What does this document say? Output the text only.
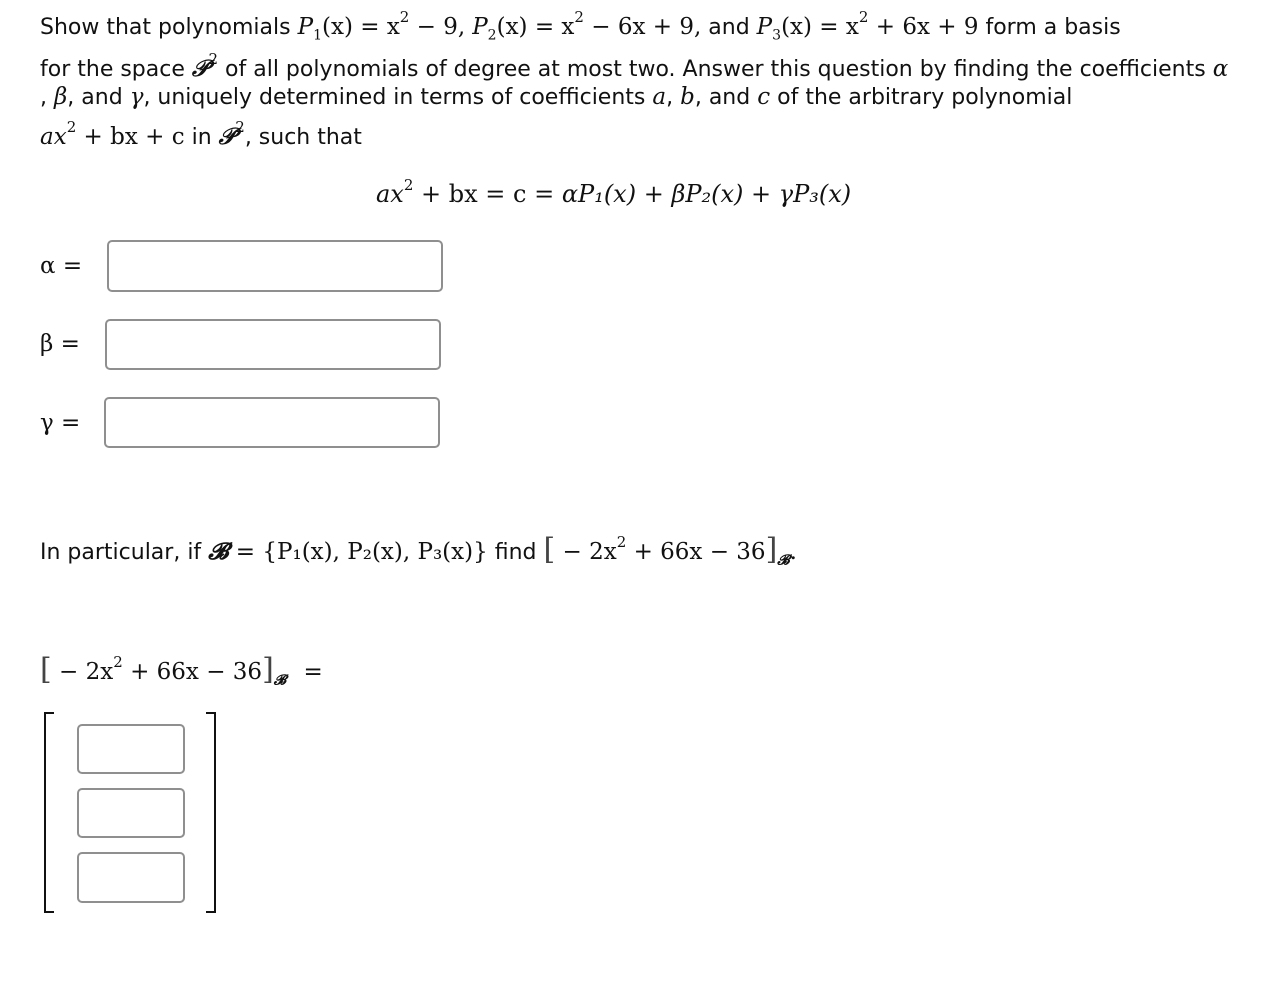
Show that polynomials $P_1(x) = x^2 - 9$, $P_2(x) = x^2 - 6x + 9$, and $P_3(x) = x^2 + 6x + 9$ form a basis
for the space 𝒫$^2$ of all polynomials of degree at most two. Answer this question by finding the coefficients α
, β, and γ, uniquely determined in terms of coefficients a, b, and c of the arbitrary polynomial
$ax^2$ + bx + c in 𝒫$^2$, such that
$ax^2$ + bx = c = αP₁(x) + βP₂(x) + γP₃(x)
α =
β =
γ =
In particular, if 𝓑 = {P₁(x), P₂(x), P₃(x)} find [ − $2x^2 + 66x - 36]_𝓑$.
[ − $2x^2 + 66x - 36]_𝓑$ =
